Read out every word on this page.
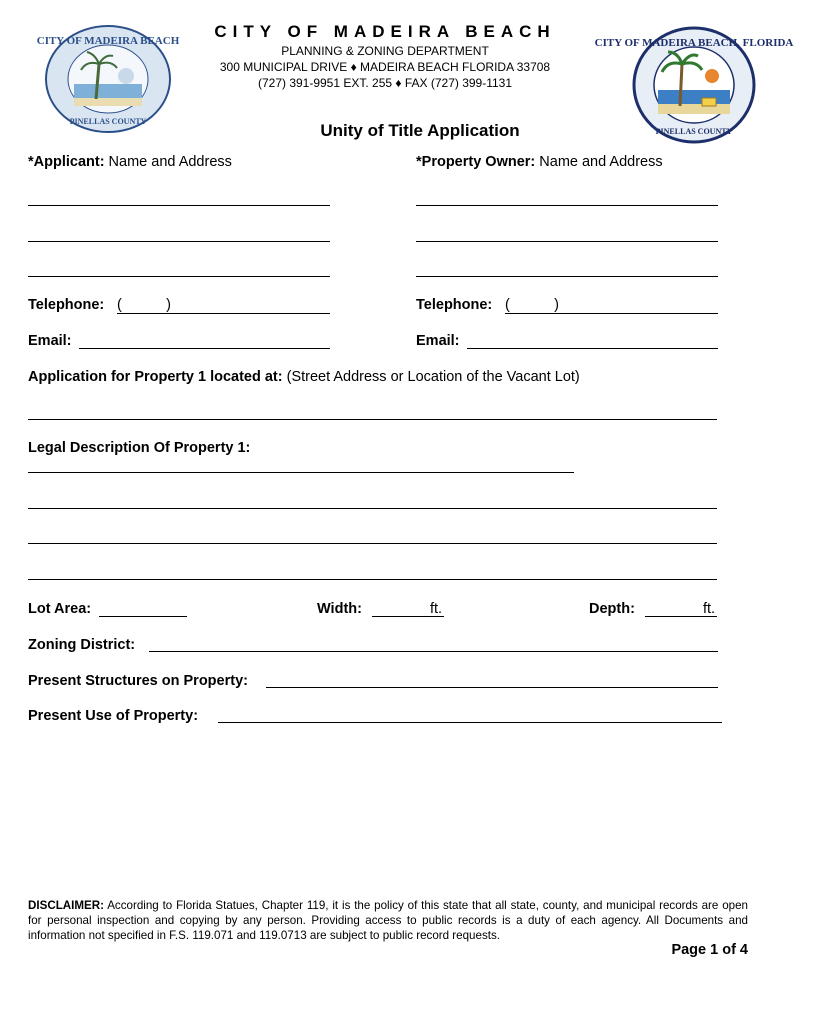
CITY OF MADEIRA BEACH
PINELLAS COUNTY
CITY OF MADEIRA BEACH, FLORIDA
PINELLAS COUNTY
CITY OF MADEIRA BEACH
PLANNING & ZONING DEPARTMENT
300 MUNICIPAL DRIVE ♦ MADEIRA BEACH FLORIDA 33708
(727) 391-9951 EXT. 255 ♦ FAX (727) 399-1131
Unity of Title Application
*Applicant: Name and Address	*Property Owner: Name and Address
Telephone: (           )	Telephone: (           )
Email:	Email:
Application for Property 1 located at: (Street Address or Location of the Vacant Lot)
Legal Description Of Property 1:
Lot Area:	Width:	ft.	Depth:	ft.
Zoning District:
Present Structures on Property:
Present Use of Property:
DISCLAIMER: According to Florida Statues, Chapter 119, it is the policy of this state that all state, county, and municipal records are open for personal inspection and copying by any person. Providing access to public records is a duty of each agency. All Documents and information not specified in F.S. 119.071 and 119.0713 are subject to public record requests.
Page 1 of 4
